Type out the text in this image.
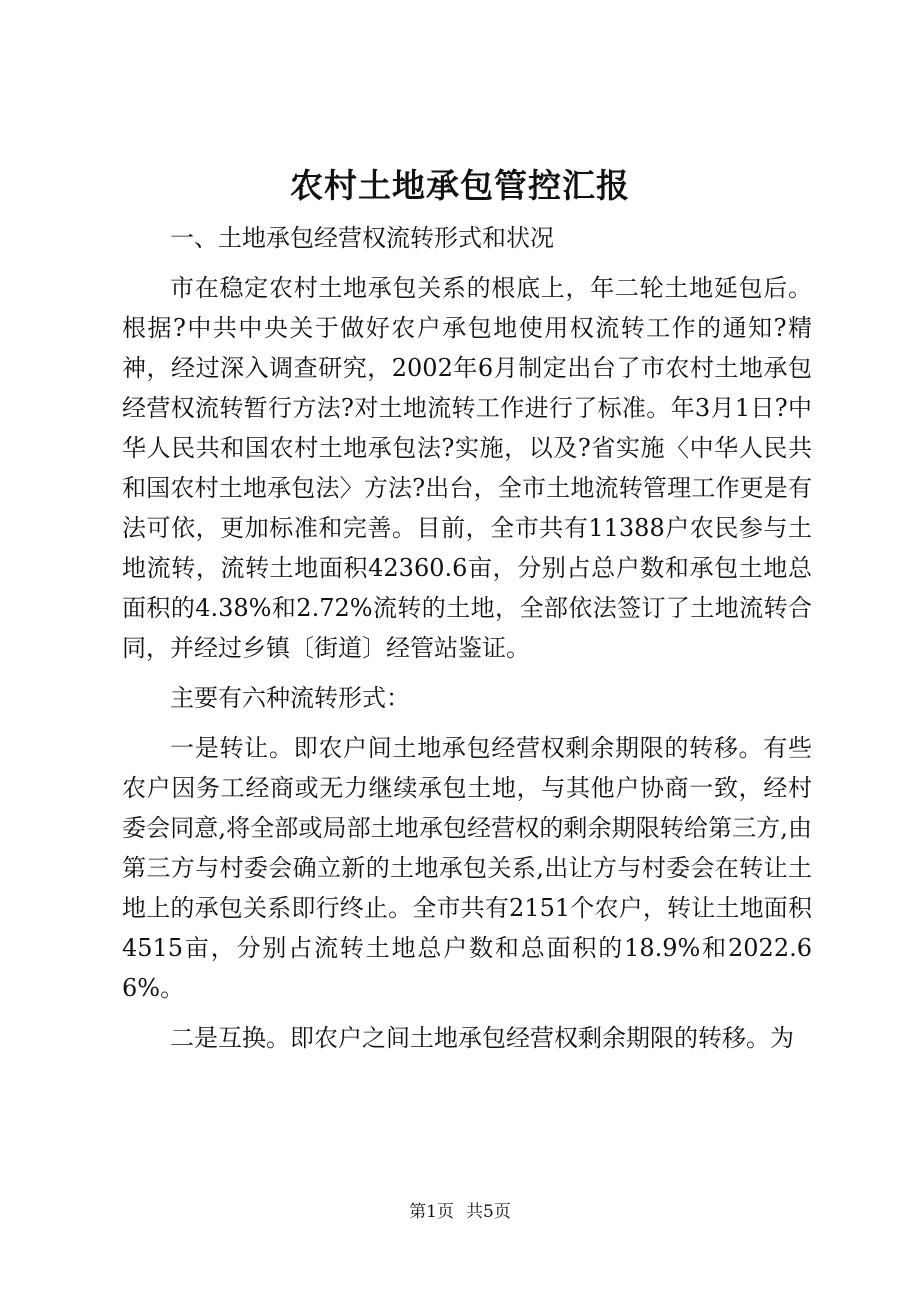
农村土地承包管控汇报

一、土地承包经营权流转形式和状况

市在稳定农村土地承包关系的根底上，年二轮土地延包后。根据?中共中央关于做好农户承包地使用权流转工作的通知?精神，经过深入调查研究，2002年6月制定出台了市农村土地承包经营权流转暂行方法?对土地流转工作进行了标准。年3月1日?中华人民共和国农村土地承包法?实施，以及?省实施〈中华人民共和国农村土地承包法〉方法?出台，全市土地流转管理工作更是有法可依，更加标准和完善。目前，全市共有11388户农民参与土地流转，流转土地面积42360.6亩，分别占总户数和承包土地总面积的4.38%和2.72%流转的土地，全部依法签订了土地流转合同，并经过乡镇〔街道〕经管站鉴证。

主要有六种流转形式：

一是转让。即农户间土地承包经营权剩余期限的转移。有些农户因务工经商或无力继续承包土地，与其他户协商一致，经村委会同意,将全部或局部土地承包经营权的剩余期限转给第三方,由第三方与村委会确立新的土地承包关系,出让方与村委会在转让土地上的承包关系即行终止。全市共有2151个农户，转让土地面积4515亩，分别占流转土地总户数和总面积的18.9%和2022.66%。

二是互换。即农户之间土地承包经营权剩余期限的转移。为

第1页 共5页
